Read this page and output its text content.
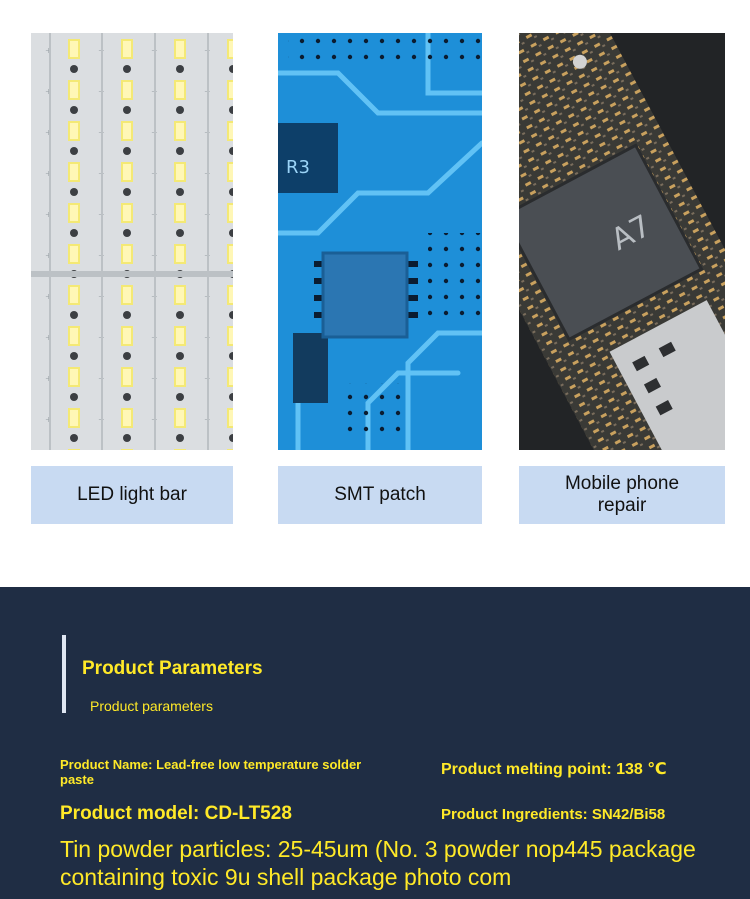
LED light bar
R3
SMT patch
A7
Mobile phone repair
Product Parameters
Product parameters
Product Name: Lead-free low temperature solder paste
Product melting point: 138 ℃
Product model: CD-LT528	Product Ingredients: SN42/Bi58
Tin powder particles: 25-45um (No. 3 powder nop445 package containing toxic 9u shell package photo com
